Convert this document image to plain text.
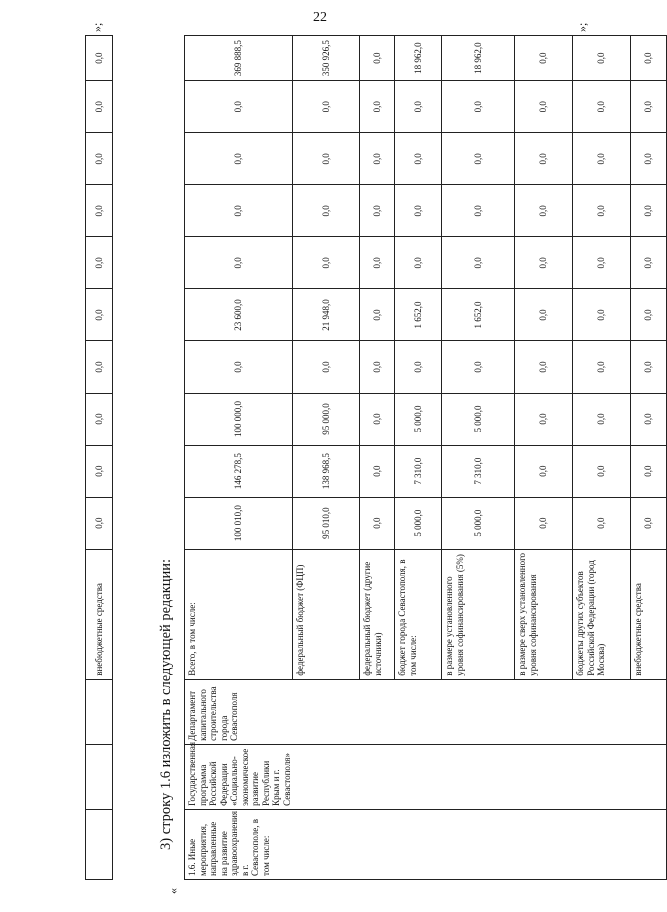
22
»;
			внебюджетные средства	0,0	0,0	0,0	0,0	0,0	0,0	0,0	0,0	0,0	0,0
«
3) строку 1.6 изложить в следующей редакции:
1.6. Иные мероприятия, направленные на развитие здравоохранения в г. Севастополе, в том числе:	Государственная программа Российской Федерации «Социально-экономическое развитие Республики Крым и г. Севастополя»	Департамент капитального строительства города Севастополя	Всего, в том числе:	100 010,0	146 278,5	100 000,0	0,0	23 600,0	0,0	0,0	0,0	0,0	369 888,5
			федеральный бюджет (ФЦП)	95 010,0	138 968,5	95 000,0	0,0	21 948,0	0,0	0,0	0,0	0,0	350 926,5
			федеральный бюджет (другие источники)	0,0	0,0	0,0	0,0	0,0	0,0	0,0	0,0	0,0	0,0
			бюджет города Севастополя, в том числе:	5 000,0	7 310,0	5 000,0	0,0	1 652,0	0,0	0,0	0,0	0,0	18 962,0
			в размере установленного уровня софинансирования (5%)	5 000,0	7 310,0	5 000,0	0,0	1 652,0	0,0	0,0	0,0	0,0	18 962,0
			в размере сверх установленного уровня софинансирования	0,0	0,0	0,0	0,0	0,0	0,0	0,0	0,0	0,0	0,0
			бюджеты других субъектов Российской Федерации (город Москва)	0,0	0,0	0,0	0,0	0,0	0,0	0,0	0,0	0,0	0,0
			внебюджетные средства	0,0	0,0	0,0	0,0	0,0	0,0	0,0	0,0	0,0	0,0
»;
